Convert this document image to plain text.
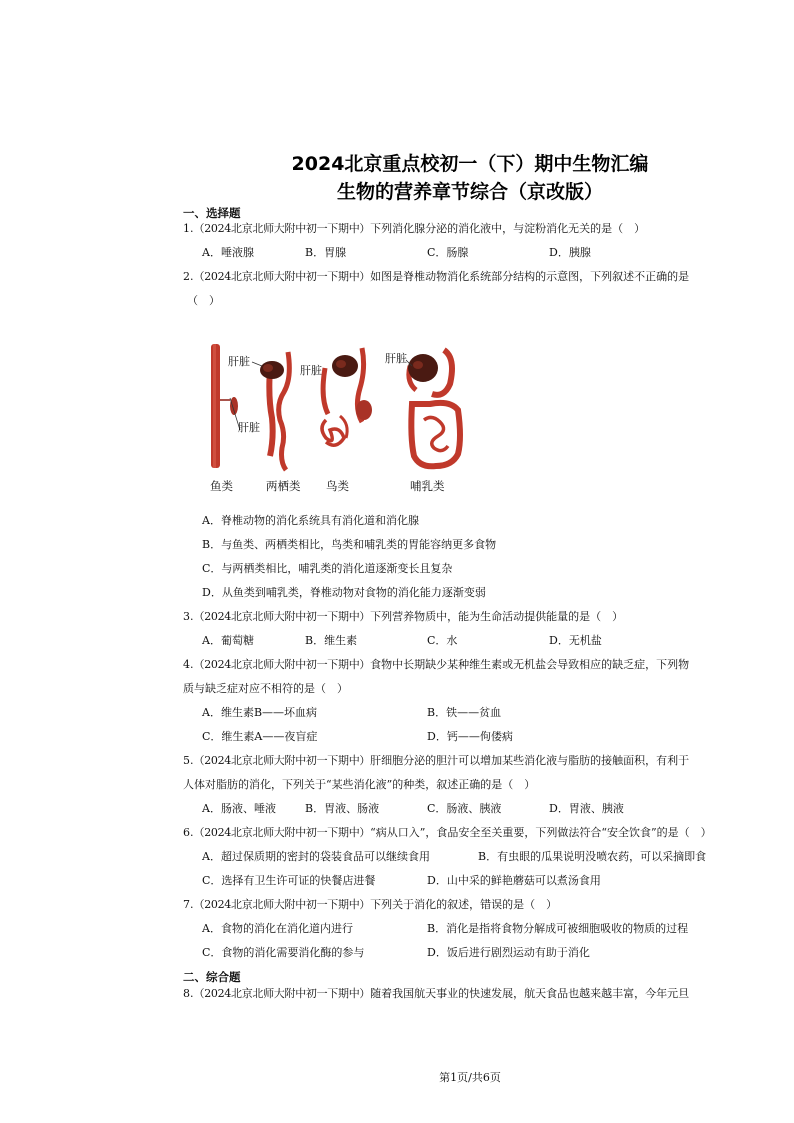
2024北京重点校初一（下）期中生物汇编
生物的营养章节综合（京改版）
一、选择题
1.（2024北京北师大附中初一下期中）下列消化腺分泌的消化液中，与淀粉消化无关的是（　）
A．唾液腺	B．胃腺	C．肠腺	D．胰腺
2.（2024北京北师大附中初一下期中）如图是脊椎动物消化系统部分结构的示意图，下列叙述不正确的是
（　）
肝脏
肝脏
肝脏
肝脏
鱼类	两栖类 鸟类	哺乳类
A．脊椎动物的消化系统具有消化道和消化腺
B．与鱼类、两栖类相比，鸟类和哺乳类的胃能容纳更多食物
C．与两栖类相比，哺乳类的消化道逐渐变长且复杂
D．从鱼类到哺乳类，脊椎动物对食物的消化能力逐渐变弱
3.（2024北京北师大附中初一下期中）下列营养物质中，能为生命活动提供能量的是（　）
A．葡萄糖	B．维生素	C．水	D．无机盐
4.（2024北京北师大附中初一下期中）食物中长期缺少某种维生素或无机盐会导致相应的缺乏症，下列物
质与缺乏症对应不相符的是（　）
A．维生素B——坏血病	B．铁——贫血
C．维生素A——夜盲症	D．钙——佝偻病
5.（2024北京北师大附中初一下期中）肝细胞分泌的胆汁可以增加某些消化液与脂肪的接触面积，有利于
人体对脂肪的消化，下列关于“某些消化液”的种类，叙述正确的是（　）
A．肠液、唾液	B．胃液、肠液	C．肠液、胰液	D．胃液、胰液
6.（2024北京北师大附中初一下期中）“病从口入”，食品安全至关重要，下列做法符合“安全饮食”的是（　）
A．超过保质期的密封的袋装食品可以继续食用	B．有虫眼的瓜果说明没喷农药，可以采摘即食
C．选择有卫生许可证的快餐店进餐	D．山中采的鲜艳蘑菇可以煮汤食用
7.（2024北京北师大附中初一下期中）下列关于消化的叙述，错误的是（　）
A．食物的消化在消化道内进行	B．消化是指将食物分解成可被细胞吸收的物质的过程
C．食物的消化需要消化酶的参与	D．饭后进行剧烈运动有助于消化
二、综合题
8.（2024北京北师大附中初一下期中）随着我国航天事业的快速发展，航天食品也越来越丰富，今年元旦
第1页/共6页
